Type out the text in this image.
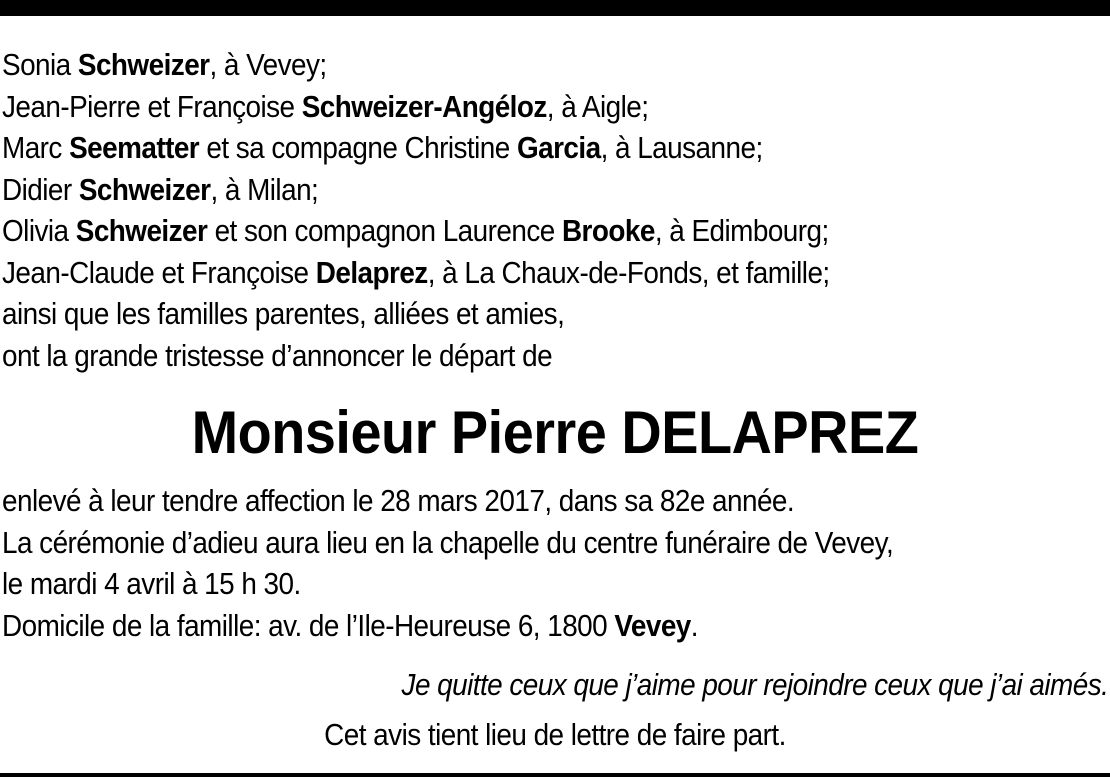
Sonia Schweizer, à Vevey;
Jean-Pierre et Françoise Schweizer-Angéloz, à Aigle;
Marc Seematter et sa compagne Christine Garcia, à Lausanne;
Didier Schweizer, à Milan;
Olivia Schweizer et son compagnon Laurence Brooke, à Edimbourg;
Jean-Claude et Françoise Delaprez, à La Chaux-de-Fonds, et famille;
ainsi que les familles parentes, alliées et amies,
ont la grande tristesse d’annoncer le départ de
Monsieur Pierre DELAPREZ
enlevé à leur tendre affection le 28 mars 2017, dans sa 82e année.
La cérémonie d’adieu aura lieu en la chapelle du centre funéraire de Vevey,
le mardi 4 avril à 15 h 30.
Domicile de la famille: av. de l’Ile-Heureuse 6, 1800 Vevey.
Je quitte ceux que j’aime pour rejoindre ceux que j’ai aimés.
Cet avis tient lieu de lettre de faire part.
